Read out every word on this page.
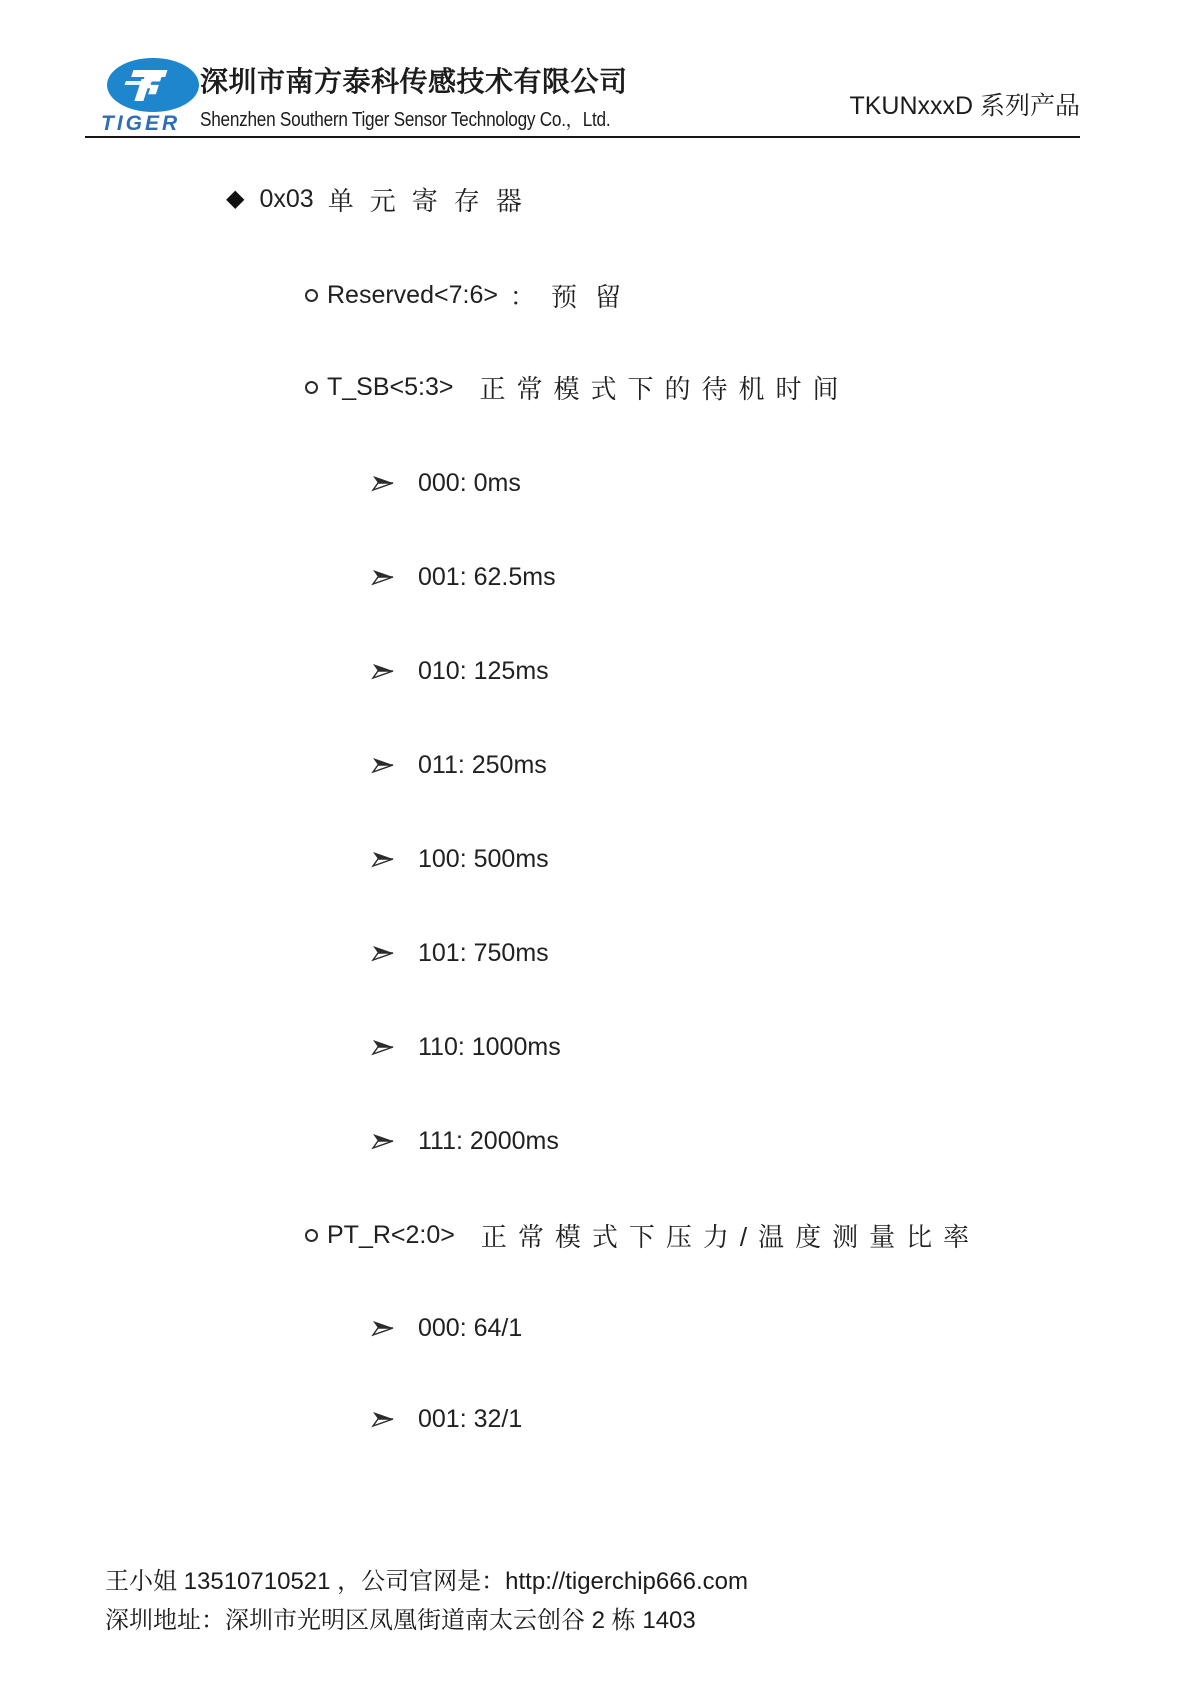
TIGER
深圳市南方泰科传感技术有限公司
Shenzhen Southern Tiger Sensor Technology Co.，Ltd.	TKUNxxxD 系列产品
◆ 0x03 单元寄存器
Reserved<7:6> ： 预留
T_SB<5:3> 正常模式下的待机时间
000: 0ms
001: 62.5ms
010: 125ms
011: 250ms
100: 500ms
101: 750ms
110: 1000ms
111: 2000ms
PT_R<2:0> 正常模式下压力/温度测量比率
000: 64/1
001: 32/1
王小姐 13510710521 ，公司官网是：http://tigerchip666.com
深圳地址：深圳市光明区凤凰街道南太云创谷 2 栋 1403
